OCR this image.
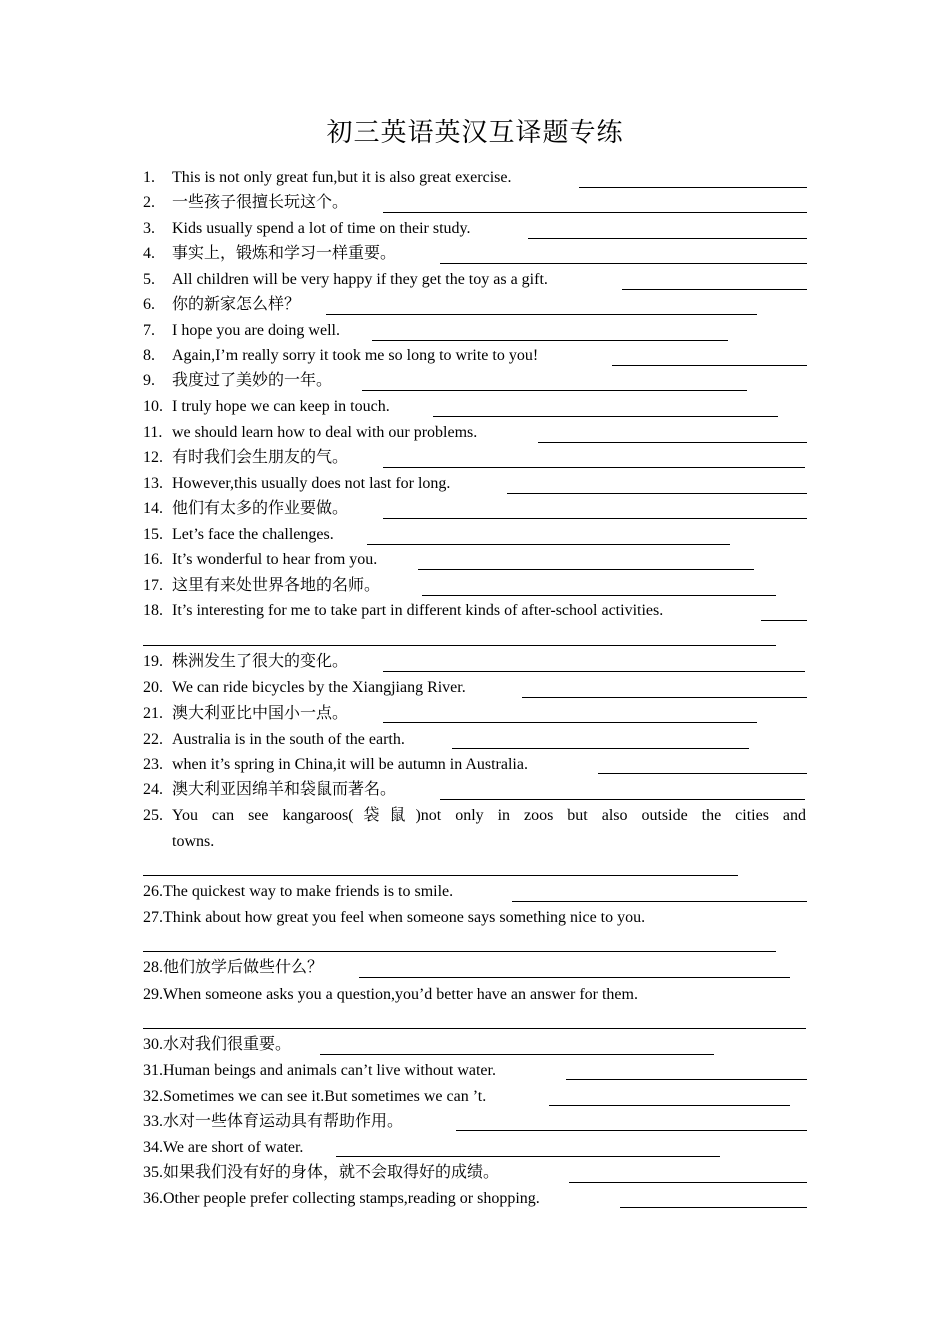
初三英语英汉互译题专练
1. This is not only great fun,but it is also great exercise.
2. 一些孩子很擅长玩这个。
3. Kids usually spend a lot of time on their study.
4. 事实上，锻炼和学习一样重要。
5. All children will be very happy if they get the toy as a gift.
6. 你的新家怎么样？
7. I hope you are doing well.
8. Again,I’m really sorry it took me so long to write to you!
9. 我度过了美妙的一年。
10. I truly hope we can keep in touch.
11. we should learn how to deal with our problems.
12. 有时我们会生朋友的气。
13. However,this usually does not last for long.
14. 他们有太多的作业要做。
15. Let’s face the challenges.
16. It’s wonderful to hear from you.
17. 这里有来处世界各地的名师。
18. It’s interesting for me to take part in different kinds of after-school activities.
19. 株洲发生了很大的变化。
20. We can ride bicycles by the Xiangjiang River.
21. 澳大利亚比中国小一点。
22. Australia is in the south of the earth.
23. when it’s spring in China,it will be autumn in Australia.
24. 澳大利亚因绵羊和袋鼠而著名。
25. You can see kangaroos(袋鼠)not only in zoos but also outside the cities and
towns.
26.The quickest way to make friends is to smile.
27.Think about how great you feel when someone says something nice to you.
28.他们放学后做些什么？
29.When someone asks you a question,you’d better have an answer for them.
30.水对我们很重要。
31.Human beings and animals can’t live without water.
32.Sometimes we can see it.But sometimes we can ’t.
33.水对一些体育运动具有帮助作用。
34.We are short of water.
35.如果我们没有好的身体，就不会取得好的成绩。
36.Other people prefer collecting stamps,reading or shopping.
